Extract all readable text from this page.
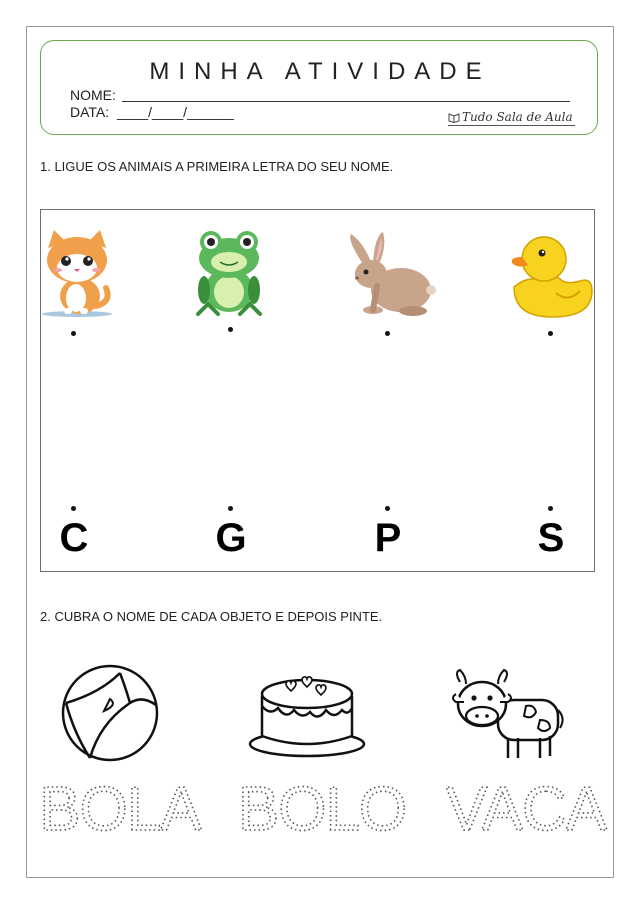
MINHA ATIVIDADE
NOME:
DATA: ____/____/______	Tudo Sala de Aula
1. LIGUE OS ANIMAIS A PRIMEIRA LETRA DO SEU NOME.
C	G	P	S
2. CUBRA O NOME DE CADA OBJETO E DEPOIS PINTE.
BOLA BOLO VACA
